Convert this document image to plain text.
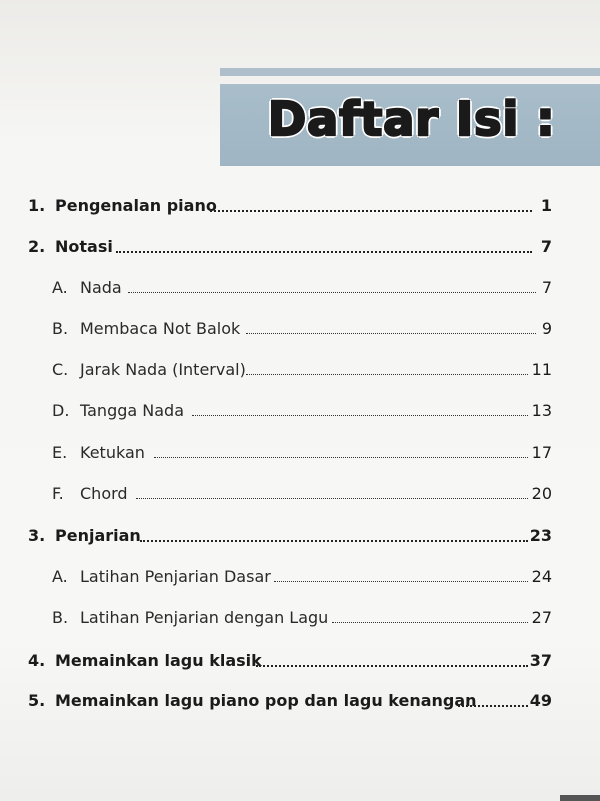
Daftar Isi :
1. Pengenalan piano	1
2. Notasi	7
A. Nada	7
B. Membaca Not Balok	9
C. Jarak Nada (Interval)	11
D. Tangga Nada	13
E. Ketukan	17
F. Chord	20
3. Penjarian	23
A. Latihan Penjarian Dasar	24
B. Latihan Penjarian dengan Lagu	27
4. Memainkan lagu klasik	37
5. Memainkan lagu piano pop dan lagu kenangan	49
